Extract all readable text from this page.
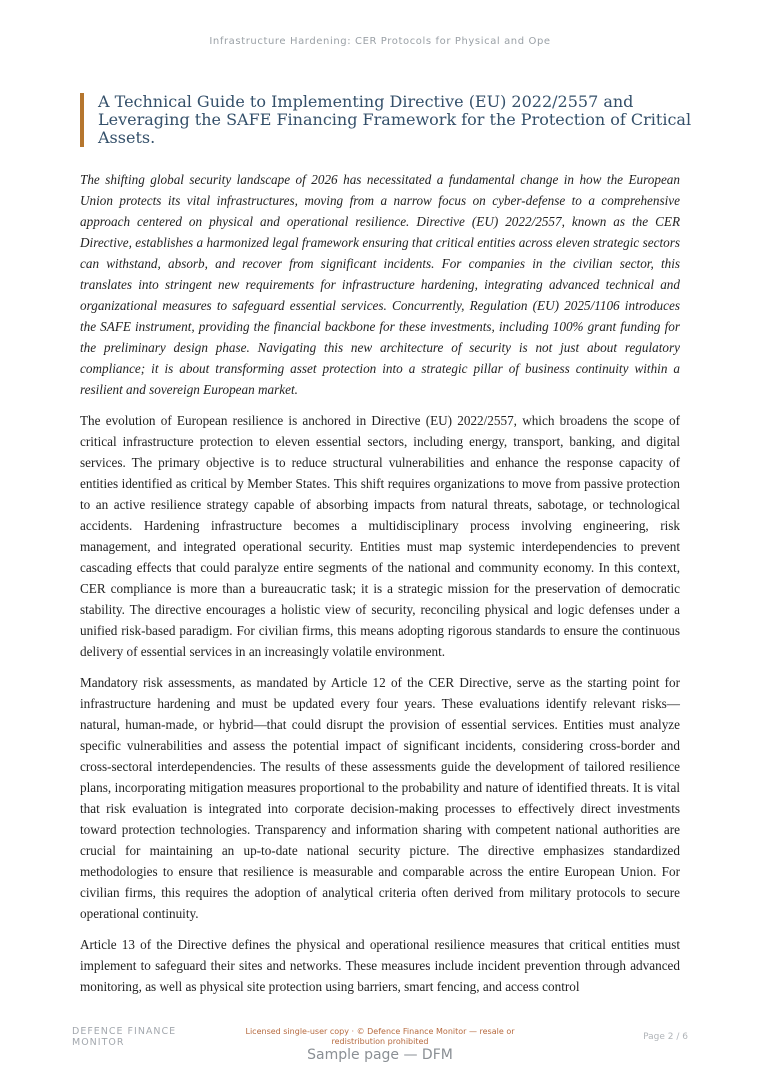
Infrastructure Hardening: CER Protocols for Physical and Ope
A Technical Guide to Implementing Directive (EU) 2022/2557 and Leveraging the SAFE Financing Framework for the Protection of Critical Assets.

The shifting global security landscape of 2026 has necessitated a fundamental change in how the European Union protects its vital infrastructures, moving from a narrow focus on cyber-defense to a comprehensive approach centered on physical and operational resilience. Directive (EU) 2022/2557, known as the CER Directive, establishes a harmonized legal framework ensuring that critical entities across eleven strategic sectors can withstand, absorb, and recover from significant incidents. For companies in the civilian sector, this translates into stringent new requirements for infrastructure hardening, integrating advanced technical and organizational measures to safeguard essential services. Concurrently, Regulation (EU) 2025/1106 introduces the SAFE instrument, providing the financial backbone for these investments, including 100% grant funding for the preliminary design phase. Navigating this new architecture of security is not just about regulatory compliance; it is about transforming asset protection into a strategic pillar of business continuity within a resilient and sovereign European market.

The evolution of European resilience is anchored in Directive (EU) 2022/2557, which broadens the scope of critical infrastructure protection to eleven essential sectors, including energy, transport, banking, and digital services. The primary objective is to reduce structural vulnerabilities and enhance the response capacity of entities identified as critical by Member States. This shift requires organizations to move from passive protection to an active resilience strategy capable of absorbing impacts from natural threats, sabotage, or technological accidents. Hardening infrastructure becomes a multidisciplinary process involving engineering, risk management, and integrated operational security. Entities must map systemic interdependencies to prevent cascading effects that could paralyze entire segments of the national and community economy. In this context, CER compliance is more than a bureaucratic task; it is a strategic mission for the preservation of democratic stability. The directive encourages a holistic view of security, reconciling physical and logic defenses under a unified risk-based paradigm. For civilian firms, this means adopting rigorous standards to ensure the continuous delivery of essential services in an increasingly volatile environment.

Mandatory risk assessments, as mandated by Article 12 of the CER Directive, serve as the starting point for infrastructure hardening and must be updated every four years. These evaluations identify relevant risks—natural, human-made, or hybrid—that could disrupt the provision of essential services. Entities must analyze specific vulnerabilities and assess the potential impact of significant incidents, considering cross-border and cross-sectoral interdependencies. The results of these assessments guide the development of tailored resilience plans, incorporating mitigation measures proportional to the probability and nature of identified threats. It is vital that risk evaluation is integrated into corporate decision-making processes to effectively direct investments toward protection technologies. Transparency and information sharing with competent national authorities are crucial for maintaining an up-to-date national security picture. The directive emphasizes standardized methodologies to ensure that resilience is measurable and comparable across the entire European Union. For civilian firms, this requires the adoption of analytical criteria often derived from military protocols to secure operational continuity.

Article 13 of the Directive defines the physical and operational resilience measures that critical entities must implement to safeguard their sites and networks. These measures include incident prevention through advanced monitoring, as well as physical site protection using barriers, smart fencing, and access control

DEFENCE FINANCE MONITOR
Licensed single-user copy · © Defence Finance Monitor — resale or redistribution prohibited	Page 2 / 6
Sample page — DFM
